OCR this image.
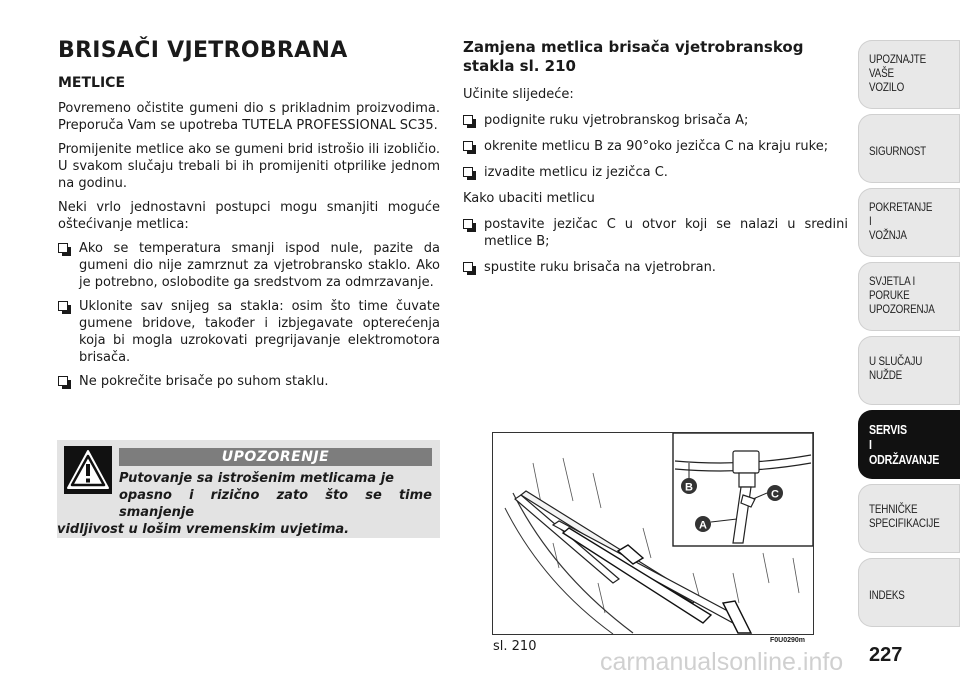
BRISAČI VJETROBRANA
METLICE

Povremeno očistite gumeni dio s prikladnim proizvodima. Preporuča Vam se upotreba TUTELA PROFESSIONAL SC35.

Promijenite metlice ako se gumeni brid istrošio ili izobličio. U svakom slučaju trebali bi ih promijeniti otprilike jednom na godinu.

Neki vrlo jednostavni postupci mogu smanjiti moguće oštećivanje metlica:

Ako se temperatura smanji ispod nule, pazite da gumeni dio nije zamrznut za vjetrobransko staklo. Ako je potrebno, oslobodite ga sredstvom za odmrzavanje.
Uklonite sav snijeg sa stakla: osim što time čuvate gumene bridove, također i izbjegavate opterećenja koja bi mogla uzrokovati pregrijavanje elektromotora brisača.
Ne pokrečite brisače po suhom staklu.
UPOZORENJE
Putovanje sa istrošenim metlicama je
opasno i rizično zato što se time smanjenje
vidljivost u lošim vremenskim uvjetima.
Zamjena metlica brisača vjetrobranskog stakla sl. 210

Učinite slijedeće:

podignite ruku vjetrobranskog brisača A;
okrenite metlicu B za 90°oko jezičca C na kraju ruke;
izvadite metlicu iz jezičca C.

Kako ubaciti metlicu

postavite jezičac C u otvor koji se nalazi u sredini metlice B;
spustite ruku brisača na vjetrobran.
B
C
A
sl. 210	F0U0290m
UPOZNAJTE
VAŠE
VOZILO
SIGURNOST
POKRETANJE
I
VOŽNJA
SVJETLA I
PORUKE
UPOZORENJA
U SLUČAJU
NUŽDE
SERVIS
I
ODRŽAVANJE
TEHNIČKE
SPECIFIKACIJE
INDEKS
carmanualsonline.info 227
